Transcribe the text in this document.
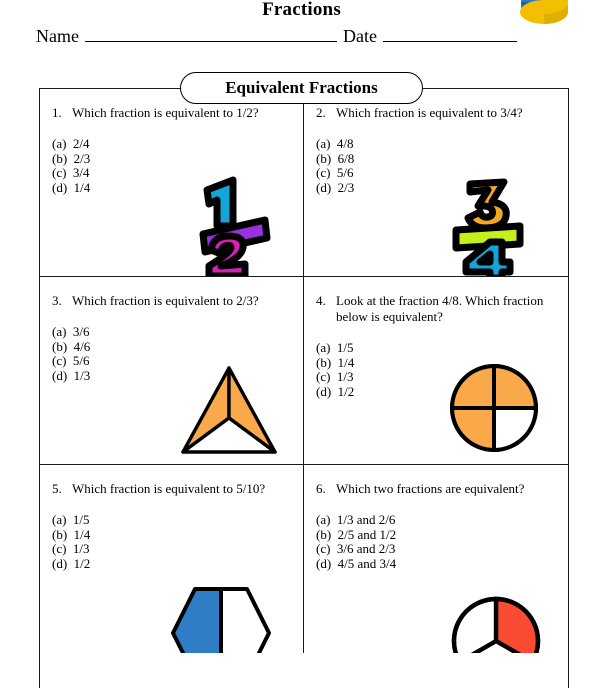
Fractions
Name	Date
Equivalent Fractions
1. Which fraction is equivalent to 1/2?
(a)  2/4
(b)  2/3
(c)  3/4
(d)  1/4
2. Which fraction is equivalent to 3/4?
(a)  4/8
(b)  6/8
(c)  5/6
(d)  2/3
3. Which fraction is equivalent to 2/3?
(a)  3/6
(b)  4/6
(c)  5/6
(d)  1/3
4. Look at the fraction 4/8. Which fraction below is equivalent?
(a)  1/5
(b)  1/4
(c)  1/3
(d)  1/2
5. Which fraction is equivalent to 5/10?
(a)  1/5
(b)  1/4
(c)  1/3
(d)  1/2
6. Which two fractions are equivalent?
(a)  1/3 and 2/6
(b)  2/5 and 1/2
(c)  3/6 and 2/3
(d)  4/5 and 3/4
